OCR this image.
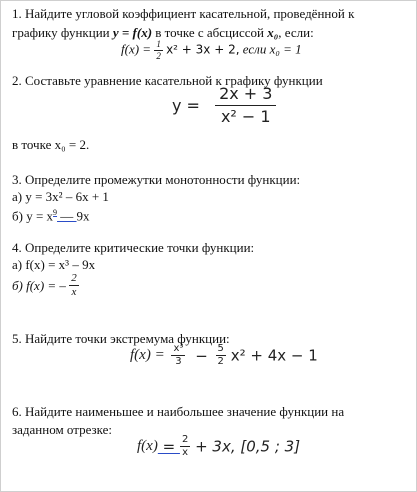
1. Найдите угловой коэффициент касательной, проведённой к
графику функции y = f(x) в точке с абсциссой x₀, если:
$f(x) = \frac{1}{2} x^2 + 3x + 2$, если x₀ = 1
2. Составьте уравнение касательной к графику функции
$y = \frac{2x + 3}{\text{x² − 1}}$
в точке x₀ = 2.
3. Определите промежутки монотонности функции:
а) y = 3x² – 6x + 1
б) $y = x^9$ — 9x
4. Определите критические точки функции:
а) f(x) = x³ – 9x
б) f(x) = – $\frac{2}{x}$
5. Найдите точки экстремума функции:
$f(x) = \frac{\text{x³}}{3} - \frac{5}{2} x^2 + 4x - 1$
6. Найдите наименьшее и наибольшее значение функции на
заданном отрезке:
$f(x) = \frac{2}{x} + 3x$, [0,5 ; 3]
